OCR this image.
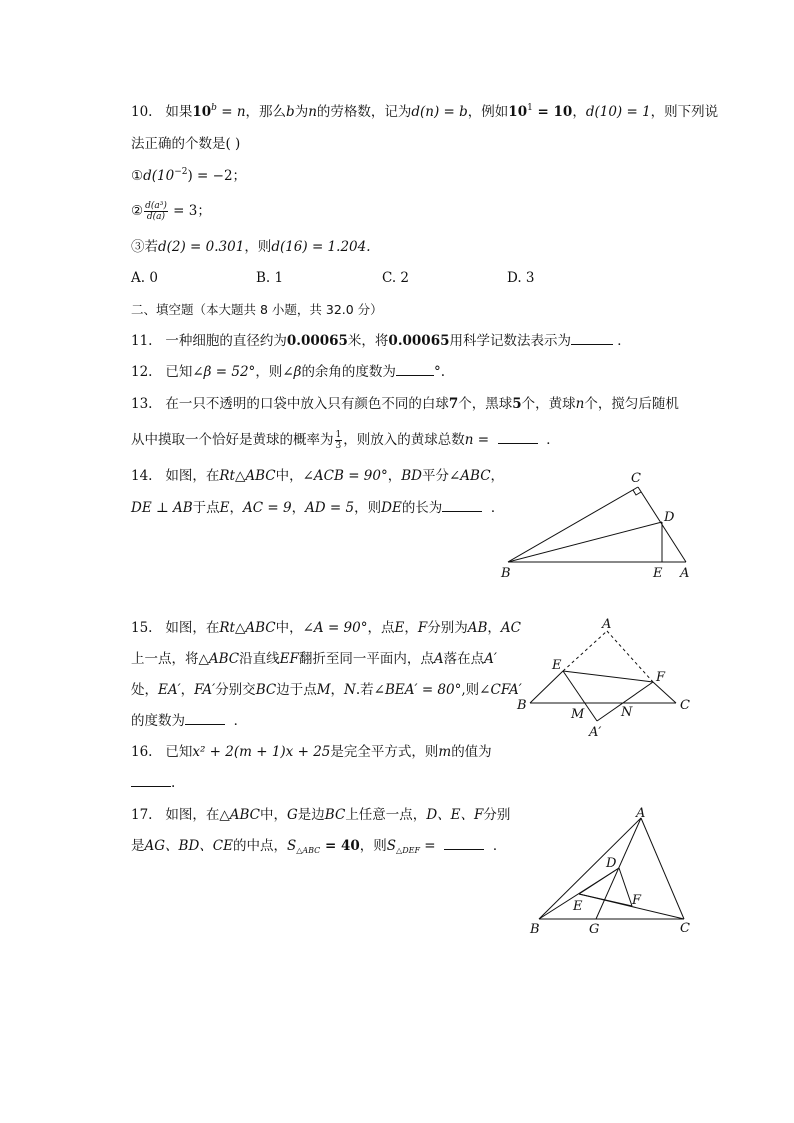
10. 如果$10^b = n$，那么b为n的劳格数，记为d(n) = b，例如$10^1 = 10$，d(10) = 1，则下列说
法正确的个数是( )
$①d(10^{-2}) = -2$；
② $\frac{\text{d(a³)}}{d(a)} = 3$；
③若d(2) = 0.301，则d(16) = 1.204.
A. 0	B. 1	C. 2	D. 3
二、填空题（本大题共 8 小题，共 32.0 分）
11. 一种细胞的直径约为0.00065米，将0.00065用科学记数法表示为	．
12. 已知∠β = 52°，则∠β的余角的度数为	°.
13. 在一只不透明的口袋中放入只有颜色不同的白球7个，黑球5个，黄球n个，搅匀后随机
从中摸取一个恰好是黄球的概率为 $\frac{1}{3}$ ，则放入的黄球总数n =	．
14. 如图，在Rt△ABC中，∠ACB = 90°，BD平分∠ABC，
DE ⊥ AB于点E，AC = 9，AD = 5，则DE的长为	．
C
D
B	E A
15. 如图，在Rt△ABC中，∠A = 90°，点E，F分别为AB，AC
上一点，将△ABC沿直线EF翻折至同一平面内，点A落在点A′
处，EA′，FA′分别交BC边于点M，N.若∠BEA′ = 80°,则∠CFA′
的度数为	．
A
E
F
B
M	N	C
A′
16. 已知x² + 2(m + 1)x + 25是完全平方式，则m的值为
.
17. 如图，在△ABC中，G是边BC上任意一点，D、E、F分别
是AG、BD、CE的中点，$S_{\triangle ABC} = 40$，则$S_{\triangle DEF}$ =	．
A
D
E	F
B	G	C
